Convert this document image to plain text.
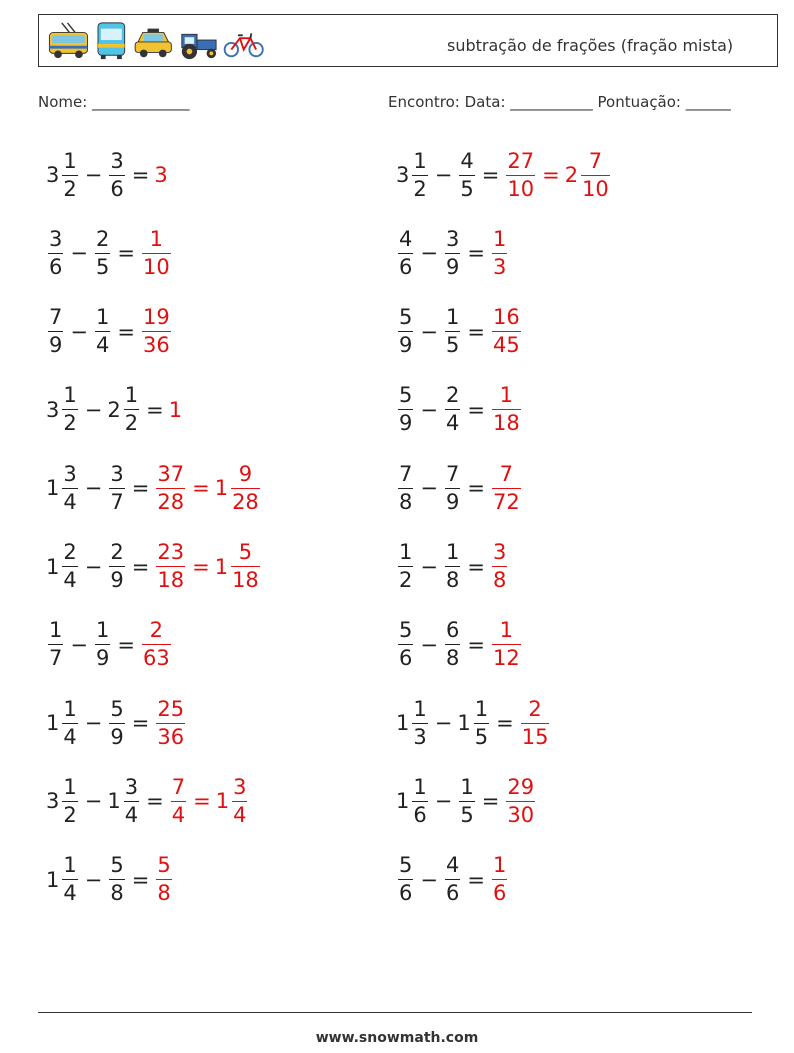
subtração de frações (fração mista)
Nome: _____________	Encontro: Data: ___________ Pontuação: ______
$3 \frac{1}{2} - \frac{3}{6} = 3$	$3 \frac{1}{2} - \frac{4}{5} = \frac{27}{10} = 2 \frac{7}{10}$
$\frac{3}{6} - \frac{2}{5} = \frac{1}{10}$	$\frac{4}{6} - \frac{3}{9} = \frac{1}{3}$
$\frac{7}{9} - \frac{1}{4} = \frac{19}{36}$	$\frac{5}{9} - \frac{1}{5} = \frac{16}{45}$
$3 \frac{1}{2} - 2 \frac{1}{2} = 1$	$\frac{5}{9} - \frac{2}{4} = \frac{1}{18}$
$1 \frac{3}{4} - \frac{3}{7} = \frac{37}{28} = 1 \frac{9}{28}$	$\frac{7}{8} - \frac{7}{9} = \frac{7}{72}$
$1 \frac{2}{4} - \frac{2}{9} = \frac{23}{18} = 1 \frac{5}{18}$	$\frac{1}{2} - \frac{1}{8} = \frac{3}{8}$
$\frac{1}{7} - \frac{1}{9} = \frac{2}{63}$	$\frac{5}{6} - \frac{6}{8} = \frac{1}{12}$
$1 \frac{1}{4} - \frac{5}{9} = \frac{25}{36}$	$1 \frac{1}{3} - 1 \frac{1}{5} = \frac{2}{15}$
$3 \frac{1}{2} - 1 \frac{3}{4} = \frac{7}{4} = 1 \frac{3}{4}$	$1 \frac{1}{6} - \frac{1}{5} = \frac{29}{30}$
$1 \frac{1}{4} - \frac{5}{8} = \frac{5}{8}$	$\frac{5}{6} - \frac{4}{6} = \frac{1}{6}$
www.snowmath.com
